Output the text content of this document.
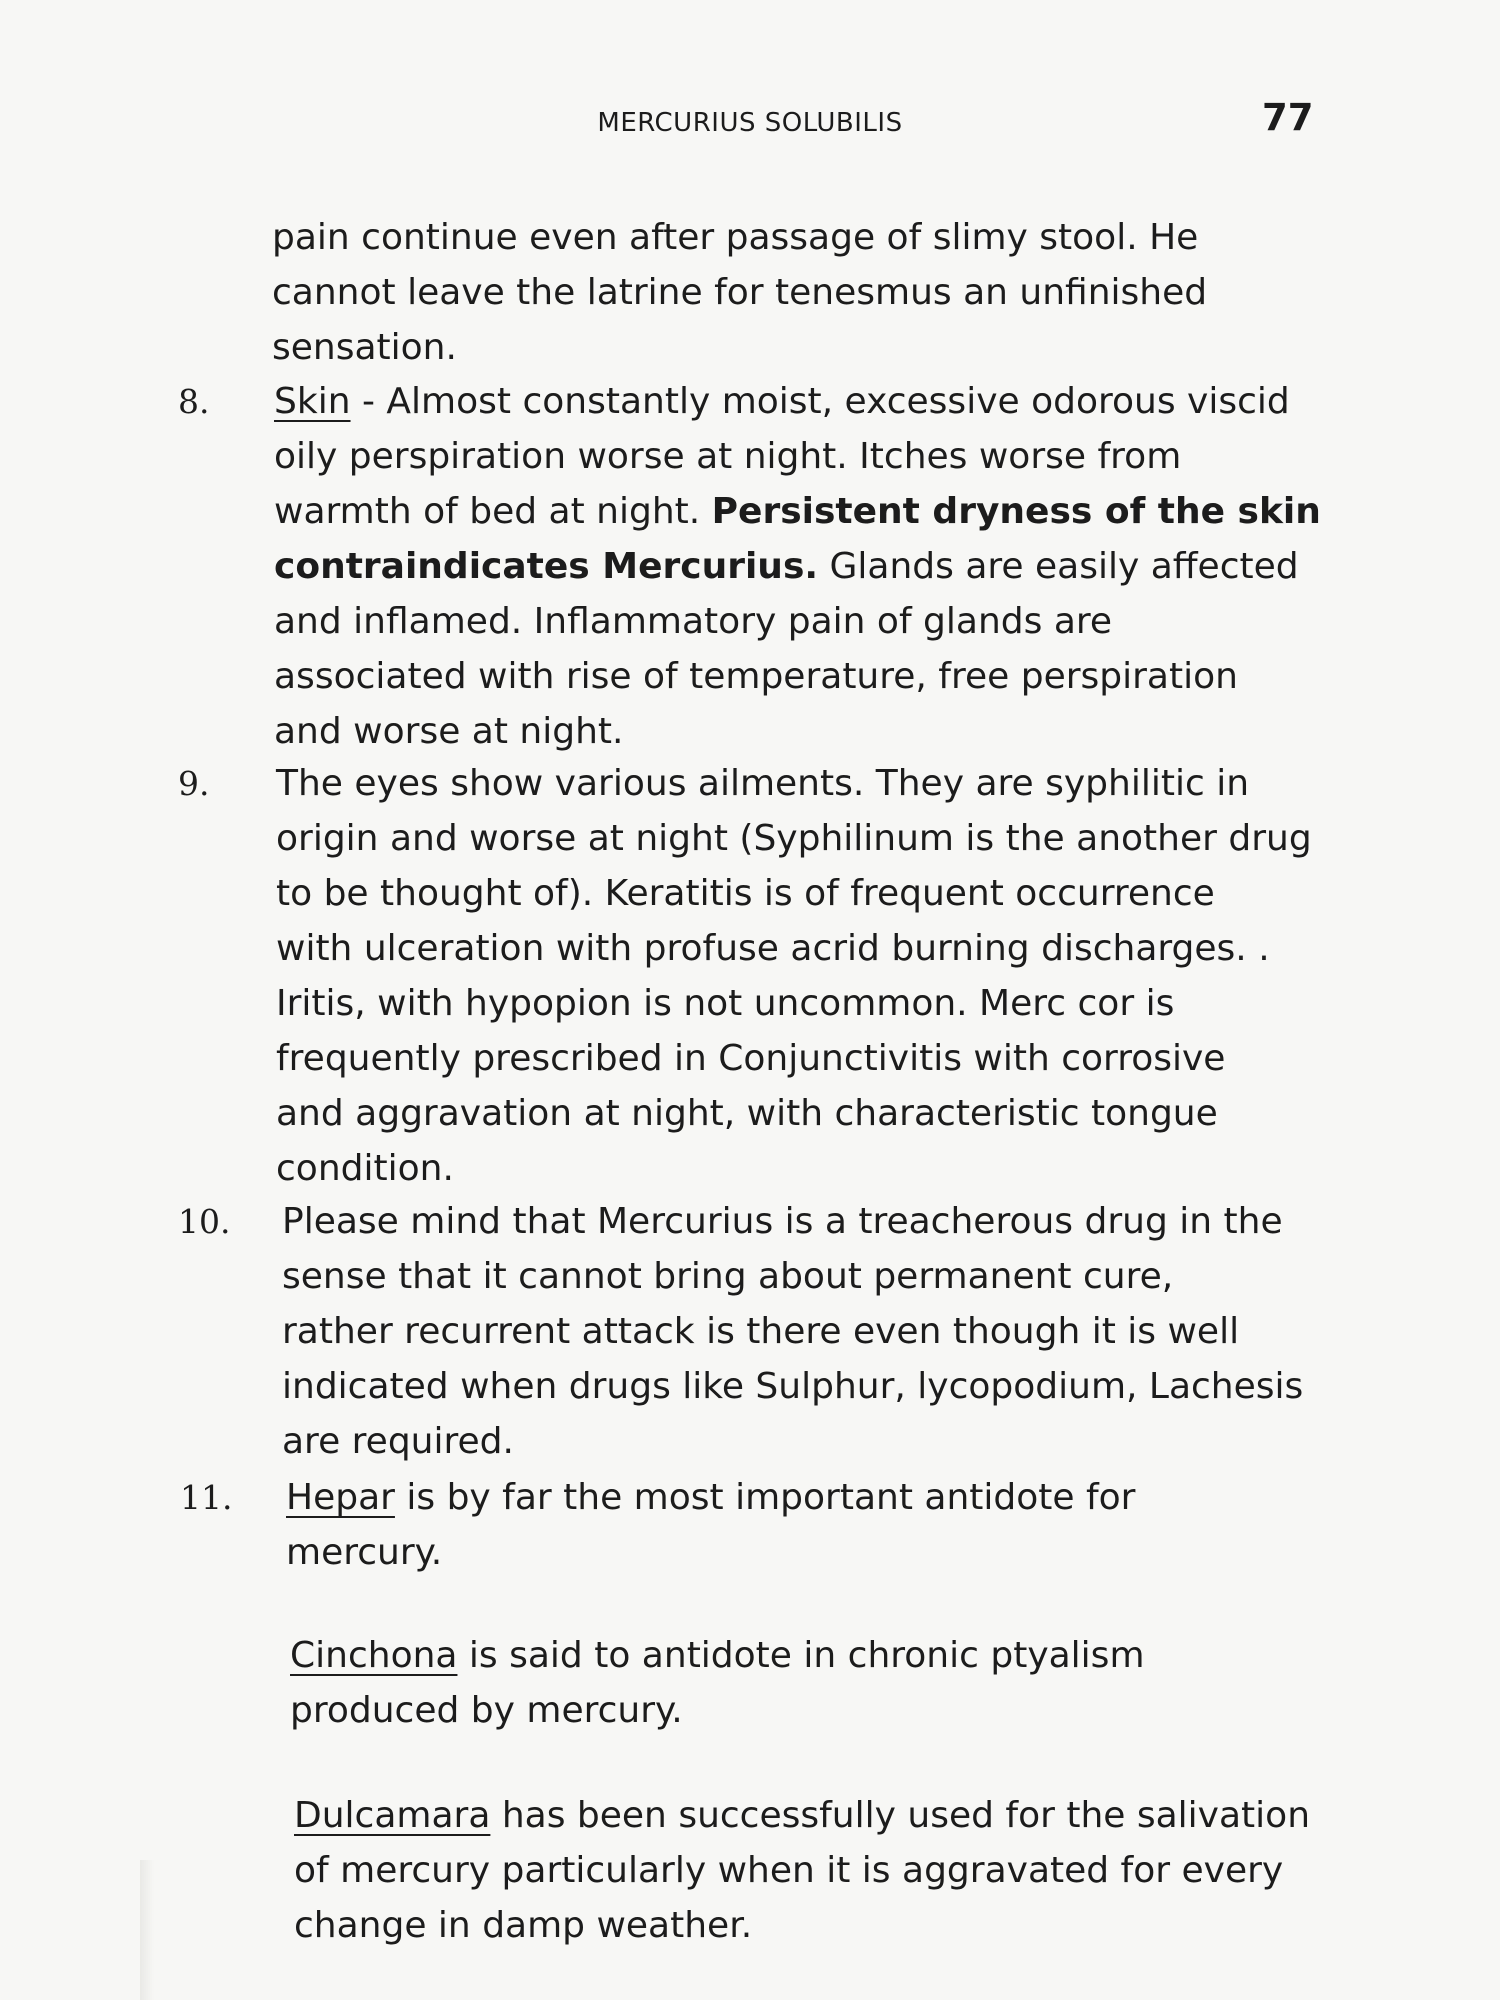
MERCURIUS SOLUBILIS	77
pain continue even after passage of slimy stool. He
cannot leave the latrine for tenesmus an unfinished
sensation.
8. Skin - Almost constantly moist, excessive odorous viscid
oily perspiration worse at night. Itches worse from
warmth of bed at night. Persistent dryness of the skin
contraindicates Mercurius. Glands are easily affected
and inflamed. Inflammatory pain of glands are
associated with rise of temperature, free perspiration
and worse at night.
9. The eyes show various ailments. They are syphilitic in
origin and worse at night (Syphilinum is the another drug
to be thought of). Keratitis is of frequent occurrence
with ulceration with profuse acrid burning discharges. .
Iritis, with hypopion is not uncommon. Merc cor is
frequently prescribed in Conjunctivitis with corrosive
and aggravation at night, with characteristic tongue
condition.
10. Please mind that Mercurius is a treacherous drug in the
sense that it cannot bring about permanent cure,
rather recurrent attack is there even though it is well
indicated when drugs like Sulphur, lycopodium, Lachesis
are required.
11. Hepar is by far the most important antidote for
mercury.
Cinchona is said to antidote in chronic ptyalism
produced by mercury.
Dulcamara has been successfully used for the salivation
of mercury particularly when it is aggravated for every
change in damp weather.
